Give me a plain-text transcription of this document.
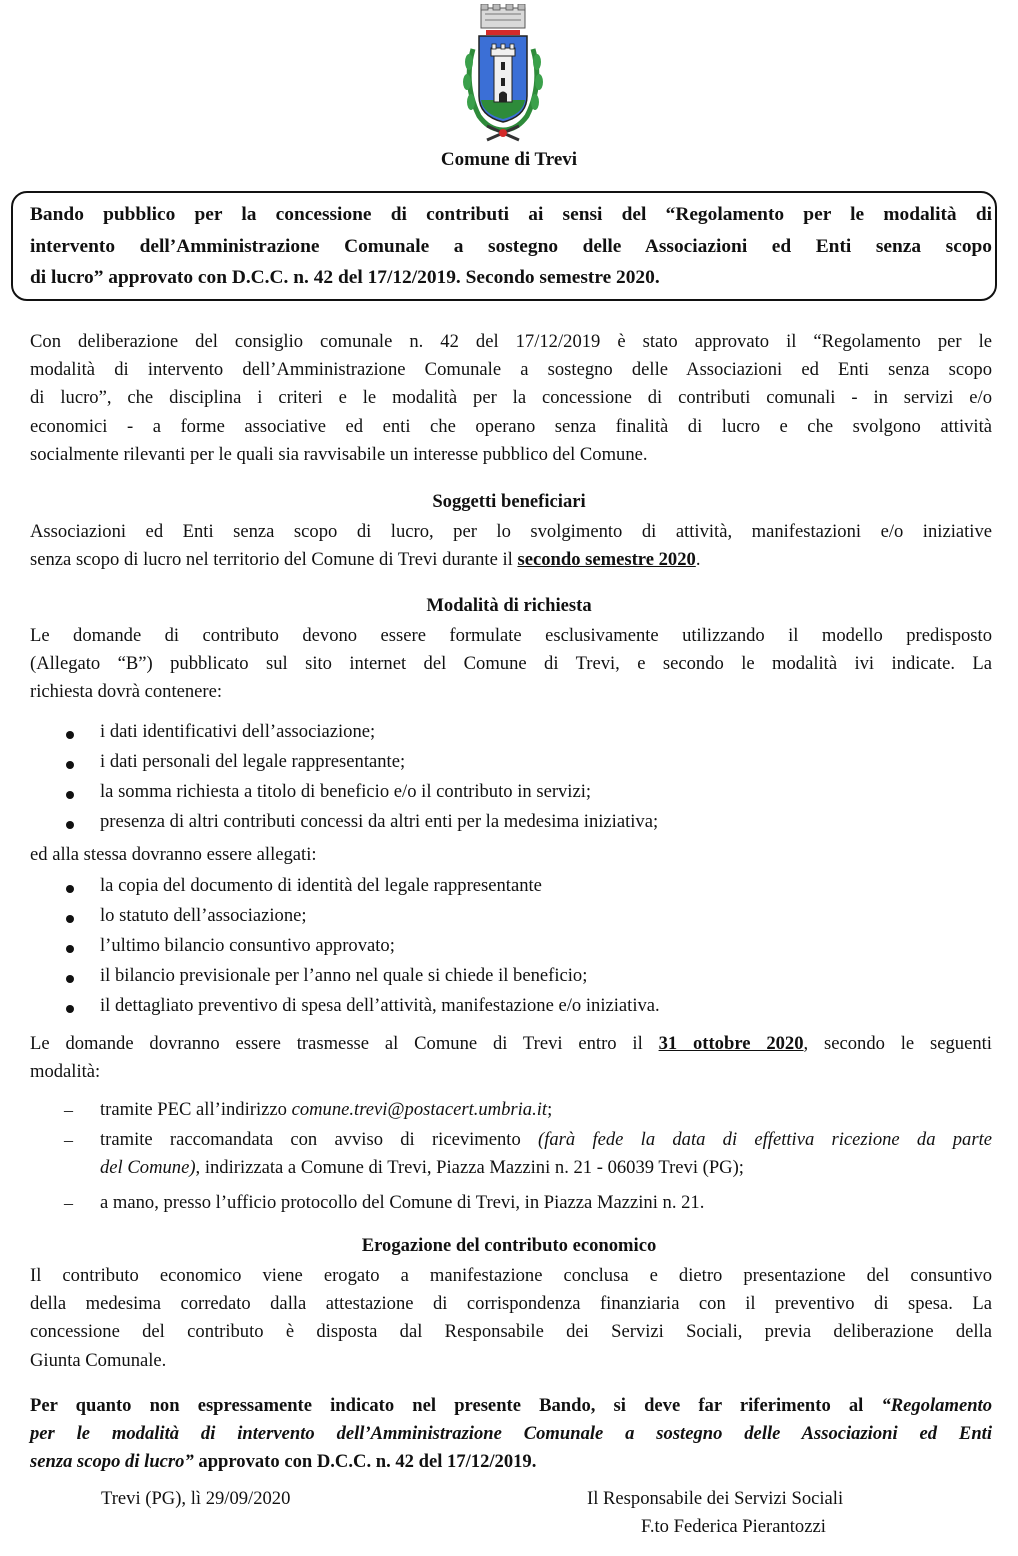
Comune di Trevi
Bando pubblico per la concessione di contributi ai sensi del “Regolamento per le modalità di
intervento dell’Amministrazione Comunale a sostegno delle Associazioni ed Enti senza scopo
di lucro” approvato con D.C.C. n. 42 del 17/12/2019. Secondo semestre 2020.
Con deliberazione del consiglio comunale n. 42 del 17/12/2019 è stato approvato il “Regolamento per le
modalità di intervento dell’Amministrazione Comunale a sostegno delle Associazioni ed Enti senza scopo
di lucro”, che disciplina i criteri e le modalità per la concessione di contributi comunali - in servizi e/o
economici - a forme associative ed enti che operano senza finalità di lucro e che svolgono attività
socialmente rilevanti per le quali sia ravvisabile un interesse pubblico del Comune.
Soggetti beneficiari
Associazioni ed Enti senza scopo di lucro, per lo svolgimento di attività, manifestazioni e/o iniziative
senza scopo di lucro nel territorio del Comune di Trevi durante il secondo semestre 2020.
Modalità di richiesta
Le domande di contributo devono essere formulate esclusivamente utilizzando il modello predisposto
(Allegato “B”) pubblicato sul sito internet del Comune di Trevi, e secondo le modalità ivi indicate. La
richiesta dovrà contenere:
i dati identificativi dell’associazione;
i dati personali del legale rappresentante;
la somma richiesta a titolo di beneficio e/o il contributo in servizi;
presenza di altri contributi concessi da altri enti per la medesima iniziativa;
ed alla stessa dovranno essere allegati:
la copia del documento di identità del legale rappresentante
lo statuto dell’associazione;
l’ultimo bilancio consuntivo approvato;
il bilancio previsionale per l’anno nel quale si chiede il beneficio;
il dettagliato preventivo di spesa dell’attività, manifestazione e/o iniziativa.
Le domande dovranno essere trasmesse al Comune di Trevi entro il 31 ottobre 2020, secondo le seguenti
modalità:
– tramite PEC all’indirizzo comune.trevi@postacert.umbria.it;
– tramite raccomandata con avviso di ricevimento (farà fede la data di effettiva ricezione da parte
del Comune), indirizzata a Comune di Trevi, Piazza Mazzini n. 21 - 06039 Trevi (PG);
– a mano, presso l’ufficio protocollo del Comune di Trevi, in Piazza Mazzini n. 21.
Erogazione del contributo economico
Il contributo economico viene erogato a manifestazione conclusa e dietro presentazione del consuntivo
della medesima corredato dalla attestazione di corrispondenza finanziaria con il preventivo di spesa. La
concessione del contributo è disposta dal Responsabile dei Servizi Sociali, previa deliberazione della
Giunta Comunale.
Per quanto non espressamente indicato nel presente Bando, si deve far riferimento al “Regolamento
per le modalità di intervento dell’Amministrazione Comunale a sostegno delle Associazioni ed Enti
senza scopo di lucro” approvato con D.C.C. n. 42 del 17/12/2019.
Trevi (PG), lì 29/09/2020	Il Responsabile dei Servizi Sociali
F.to Federica Pierantozzi
